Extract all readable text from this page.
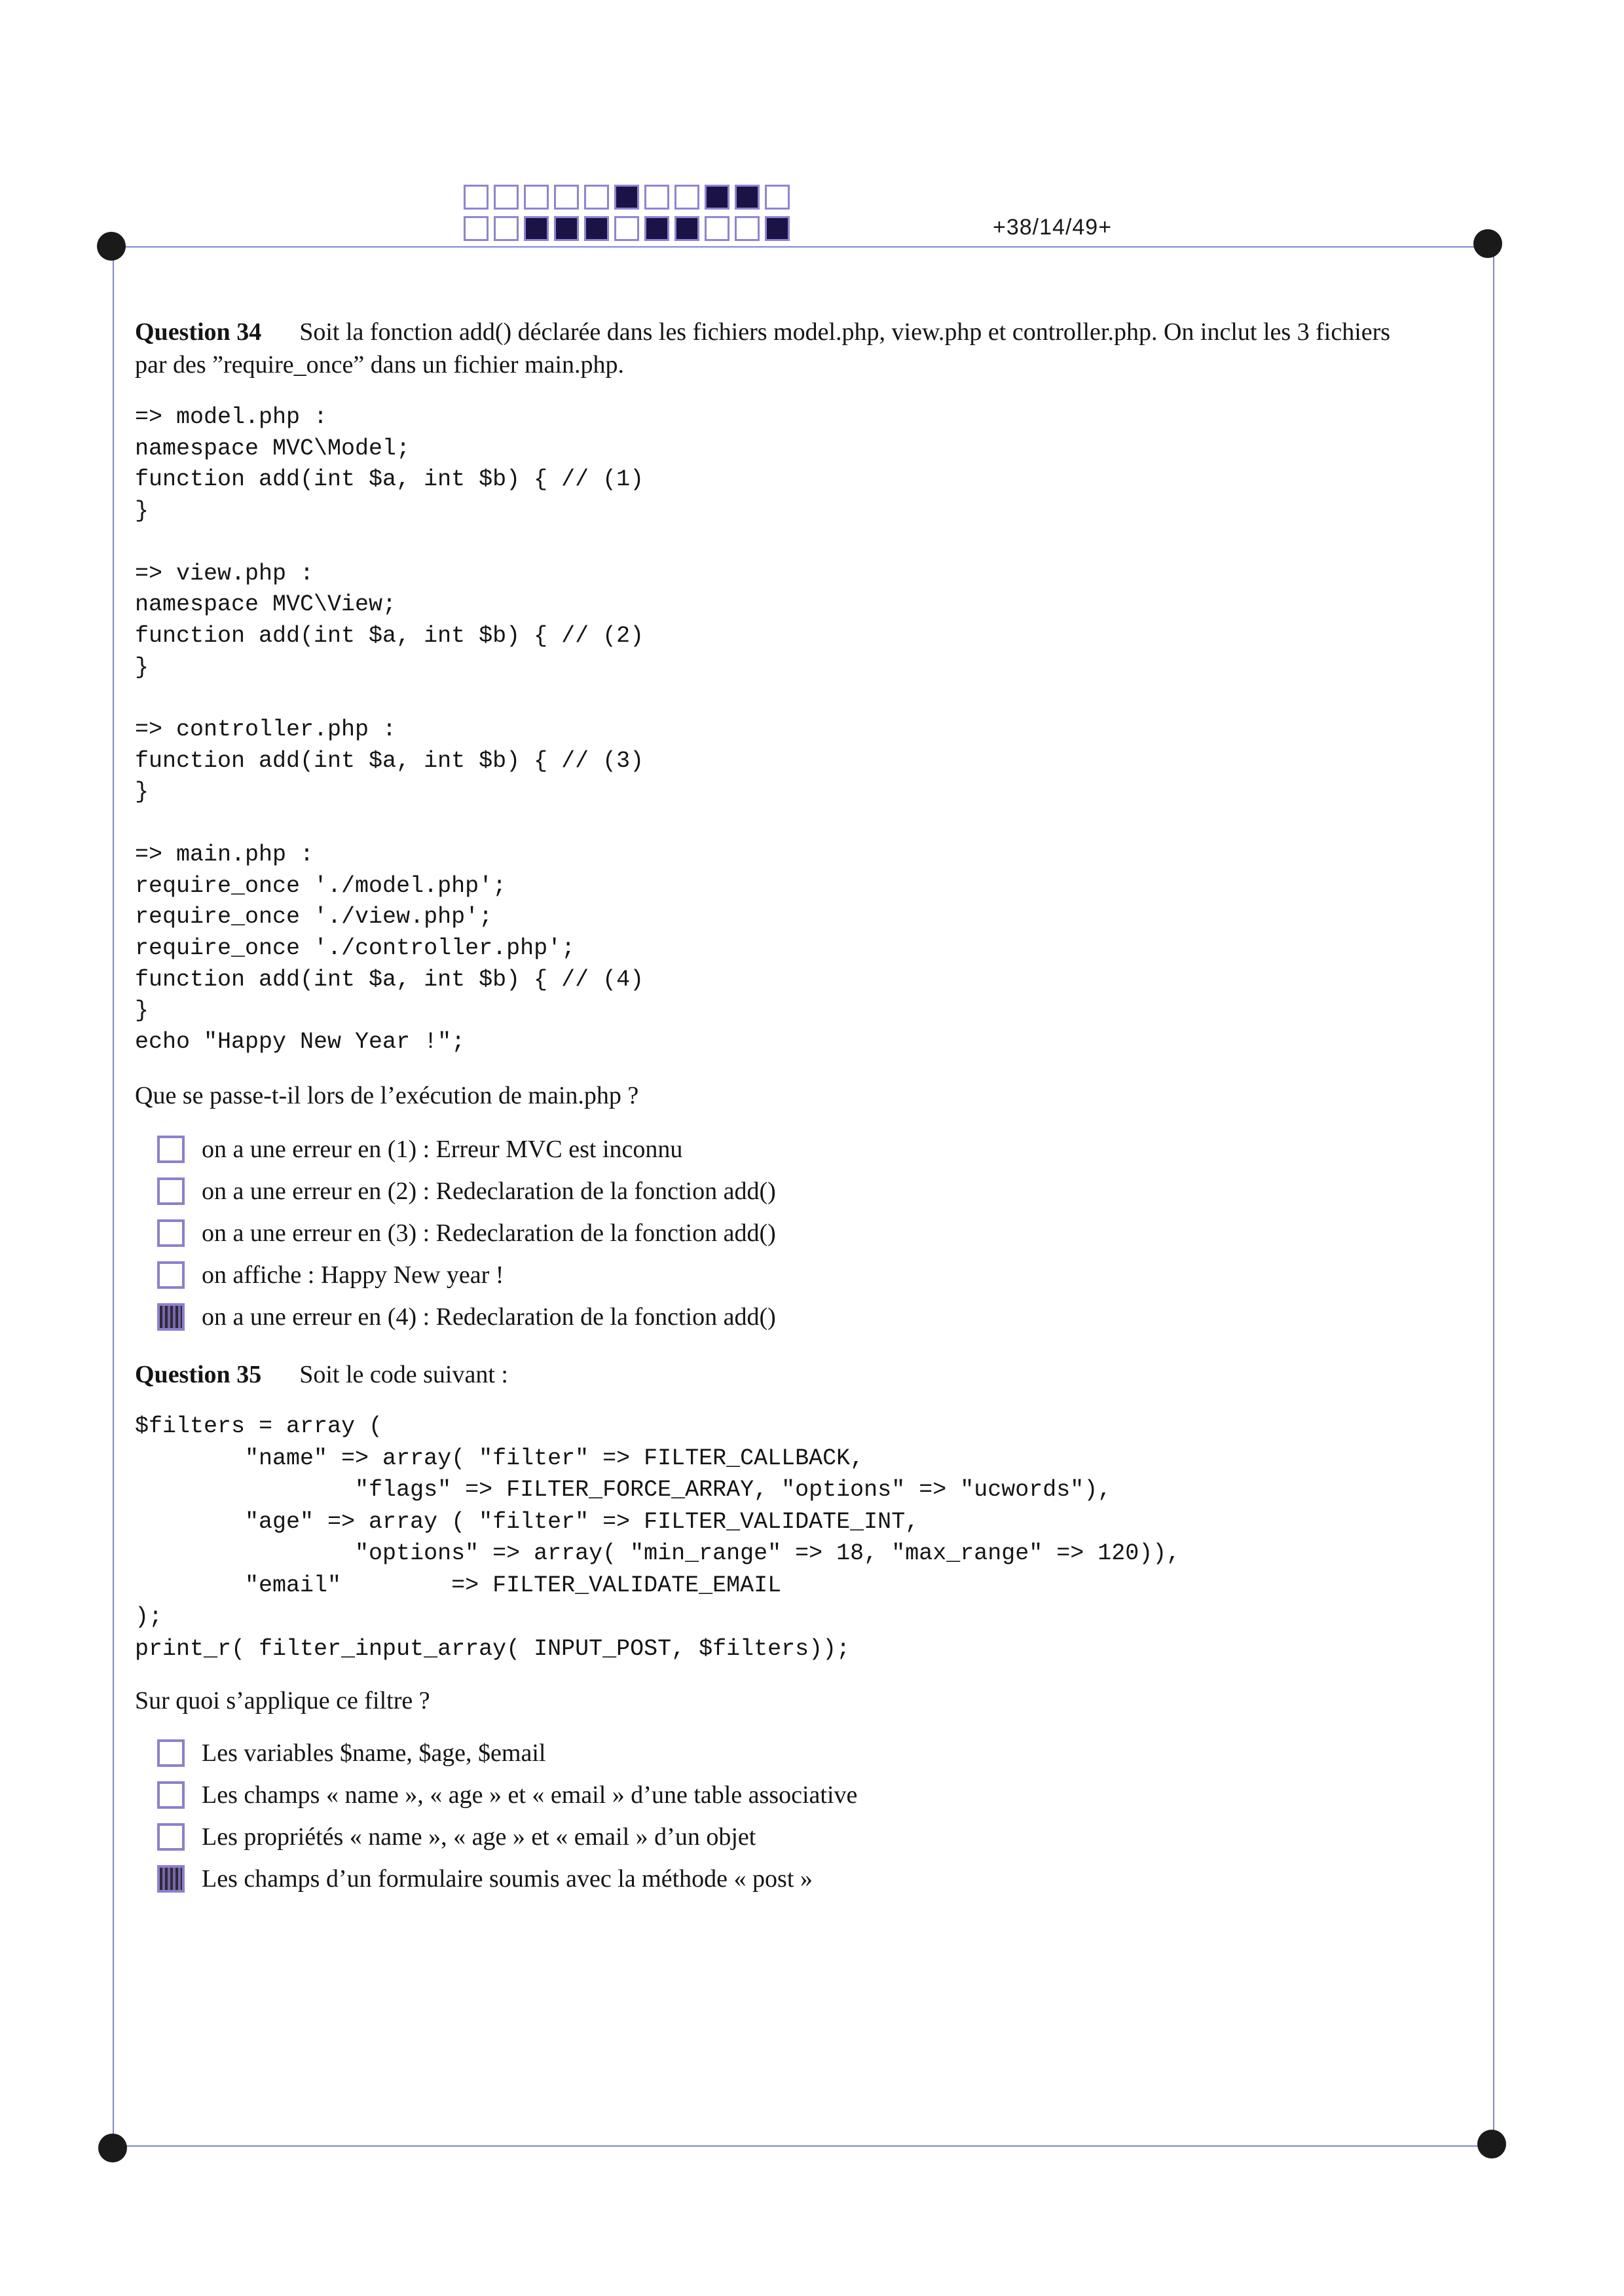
+38/14/49+
Question 34 Soit la fonction add() déclarée dans les fichiers model.php, view.php et controller.php. On inclut les 3 fichiers
par des ”require_once” dans un fichier main.php.
=> model.php :
namespace MVC\Model;
function add(int $a, int $b) { // (1)
}

=> view.php :
namespace MVC\View;
function add(int $a, int $b) { // (2)
}

=> controller.php :
function add(int $a, int $b) { // (3)
}

=> main.php :
require_once './model.php';
require_once './view.php';
require_once './controller.php';
function add(int $a, int $b) { // (4)
}
echo "Happy New Year !";
Que se passe-t-il lors de l’exécution de main.php ?
on a une erreur en (1) : Erreur MVC est inconnu
on a une erreur en (2) : Redeclaration de la fonction add()
on a une erreur en (3) : Redeclaration de la fonction add()
on affiche : Happy New year !
on a une erreur en (4) : Redeclaration de la fonction add()
Question 35 Soit le code suivant :
$filters = array (
"name" => array( "filter" => FILTER_CALLBACK,
"flags" => FILTER_FORCE_ARRAY, "options" => "ucwords"),
"age" => array ( "filter" => FILTER_VALIDATE_INT,
"options" => array( "min_range" => 18, "max_range" => 120)),
"email"        => FILTER_VALIDATE_EMAIL
);
print_r( filter_input_array( INPUT_POST, $filters));
Sur quoi s’applique ce filtre ?
Les variables $name, $age, $email
Les champs « name », « age » et « email » d’une table associative
Les propriétés « name », « age » et « email » d’un objet
Les champs d’un formulaire soumis avec la méthode « post »
